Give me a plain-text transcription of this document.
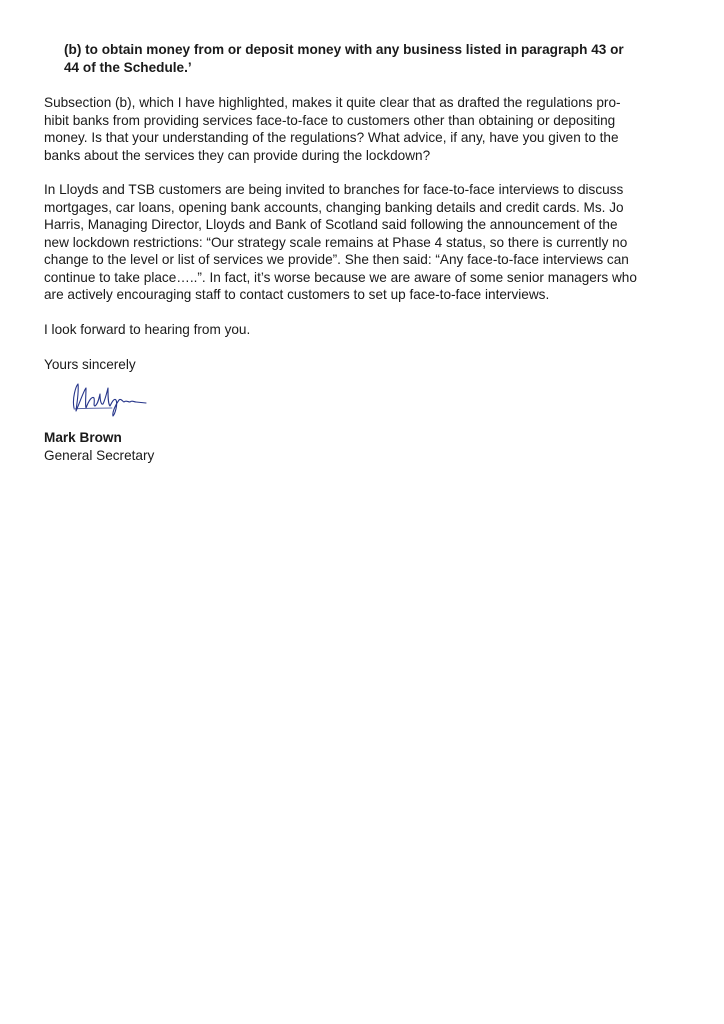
(b) to obtain money from or deposit money with any business listed in paragraph 43 or
44 of the Schedule.’
Subsection (b), which I have highlighted, makes it quite clear that as drafted the regulations pro-
hibit banks from providing services face-to-face to customers other than obtaining or depositing
money. Is that your understanding of the regulations? What advice, if any, have you given to the
banks about the services they can provide during the lockdown?
In Lloyds and TSB customers are being invited to branches for face-to-face interviews to discuss
mortgages, car loans, opening bank accounts, changing banking details and credit cards. Ms. Jo
Harris, Managing Director, Lloyds and Bank of Scotland said following the announcement of the
new lockdown restrictions: “Our strategy scale remains at Phase 4 status, so there is currently no
change to the level or list of services we provide”. She then said: “Any face-to-face interviews can
continue to take place…..”. In fact, it’s worse because we are aware of some senior managers who
are actively encouraging staff to contact customers to set up face-to-face interviews.
I look forward to hearing from you.
Yours sincerely
Mark Brown
General Secretary
